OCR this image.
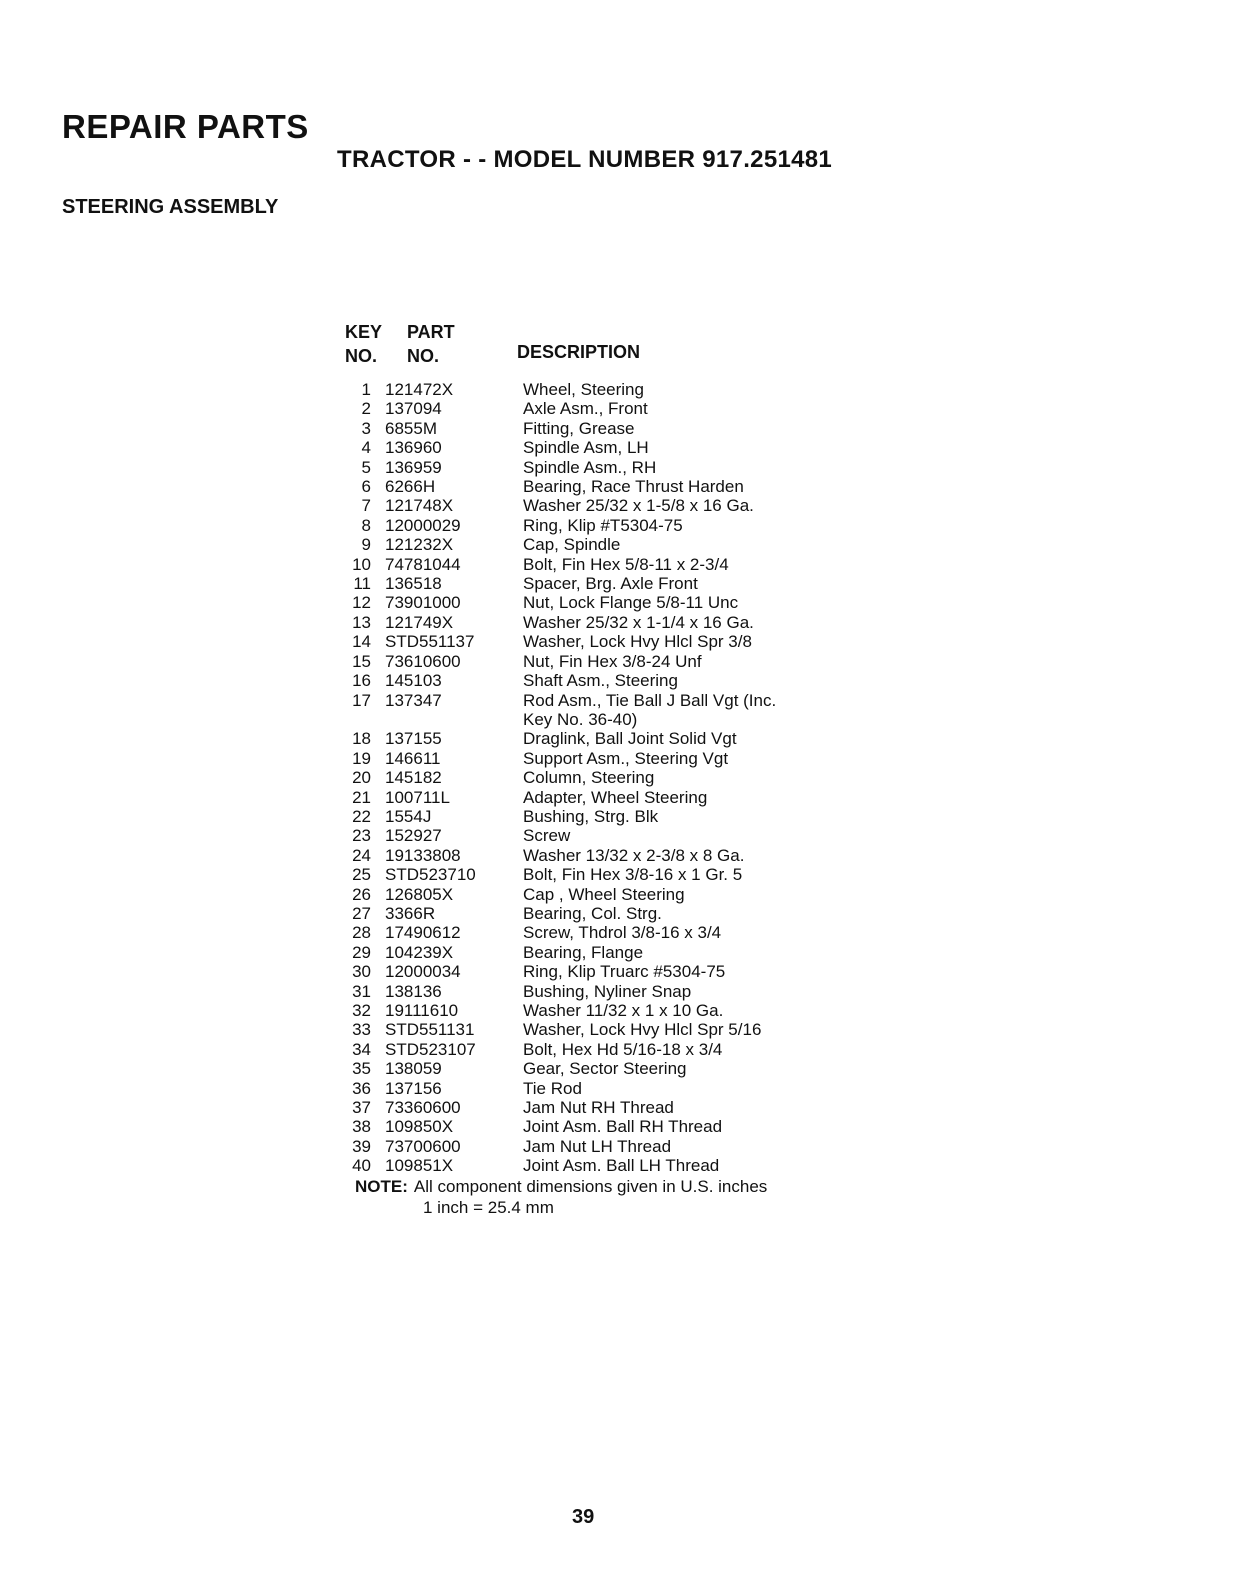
REPAIR PARTS
TRACTOR - - MODEL NUMBER 917.251481
STEERING ASSEMBLY
KEY PART
NO. NO.	DESCRIPTION
1 121472X	Wheel, Steering
2 137094	Axle Asm., Front
3 6855M	Fitting, Grease
4 136960	Spindle Asm, LH
5 136959	Spindle Asm., RH
6 6266H	Bearing, Race Thrust Harden
7 121748X	Washer 25/32 x 1-5/8 x 16 Ga.
8 12000029	Ring, Klip #T5304-75
9 121232X	Cap, Spindle
10 74781044	Bolt, Fin Hex 5/8-11 x 2-3/4
11 136518	Spacer, Brg. Axle Front
12 73901000	Nut, Lock Flange 5/8-11 Unc
13 121749X	Washer 25/32 x 1-1/4 x 16 Ga.
14 STD551137	Washer, Lock Hvy Hlcl Spr 3/8
15 73610600	Nut, Fin Hex 3/8-24 Unf
16 145103	Shaft Asm., Steering
17 137347	Rod Asm., Tie Ball J Ball Vgt (Inc.
Key No. 36-40)
18 137155	Draglink, Ball Joint Solid Vgt
19 146611	Support Asm., Steering Vgt
20 145182	Column, Steering
21 100711L	Adapter, Wheel Steering
22 1554J	Bushing, Strg. Blk
23 152927	Screw
24 19133808	Washer 13/32 x 2-3/8 x 8 Ga.
25 STD523710	Bolt, Fin Hex 3/8-16 x 1 Gr. 5
26 126805X	Cap , Wheel Steering
27 3366R	Bearing, Col. Strg.
28 17490612	Screw, Thdrol 3/8-16 x 3/4
29 104239X	Bearing, Flange
30 12000034	Ring, Klip Truarc #5304-75
31 138136	Bushing, Nyliner Snap
32 19111610	Washer 11/32 x 1 x 10 Ga.
33 STD551131	Washer, Lock Hvy Hlcl Spr 5/16
34 STD523107	Bolt, Hex Hd 5/16-18 x 3/4
35 138059	Gear, Sector Steering
36 137156	Tie Rod
37 73360600	Jam Nut RH Thread
38 109850X	Joint Asm. Ball RH Thread
39 73700600	Jam Nut LH Thread
40 109851X	Joint Asm. Ball LH Thread
NOTE: All component dimensions given in U.S. inches
1 inch = 25.4 mm
39
